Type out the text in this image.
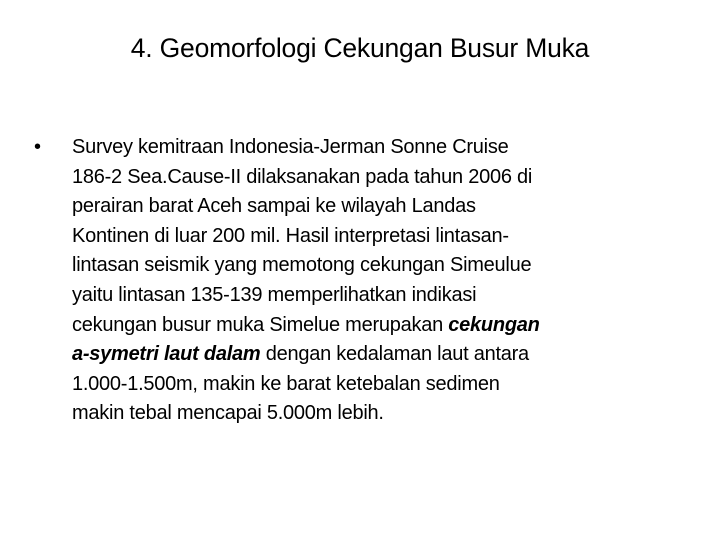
4. Geomorfologi Cekungan Busur Muka
• Survey kemitraan Indonesia-Jerman Sonne Cruise
186-2 Sea.Cause-II dilaksanakan pada tahun 2006 di
perairan barat Aceh sampai ke wilayah Landas
Kontinen di luar 200 mil. Hasil interpretasi lintasan-
lintasan seismik yang memotong cekungan Simeulue
yaitu lintasan 135-139 memperlihatkan indikasi
cekungan busur muka Simelue merupakan cekungan
a-symetri laut dalam dengan kedalaman laut antara
1.000-1.500m, makin ke barat ketebalan sedimen
makin tebal mencapai 5.000m lebih.
